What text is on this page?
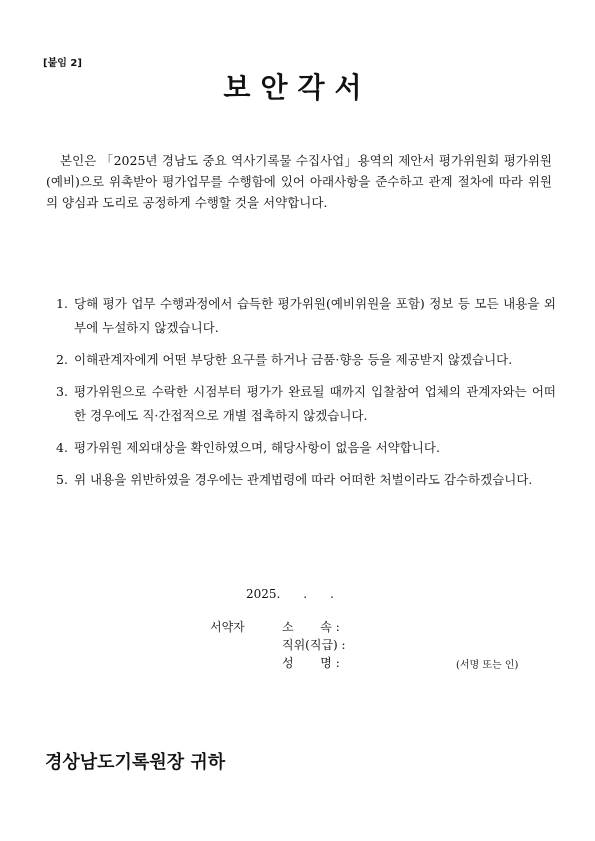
[붙임 2]
보안각서

본인은 「2025년 경남도 중요 역사기록물 수집사업」용역의 제안서 평가위원회 평가위원(예비)으로 위촉받아 평가업무를 수행함에 있어 아래사항을 준수하고 관계 절차에 따라 위원의 양심과 도리로 공정하게 수행할 것을 서약합니다.

1. 당해 평가 업무 수행과정에서 습득한 평가위원(예비위원을 포함) 정보 등 모든 내용을 외부에 누설하지 않겠습니다.
2. 이해관계자에게 어떤 부당한 요구를 하거나 금품·향응 등을 제공받지 않겠습니다.
3. 평가위원으로 수락한 시점부터 평가가 완료될 때까지 입찰참여 업체의 관계자와는 어떠한 경우에도 직·간접적으로 개별 접촉하지 않겠습니다.
4. 평가위원 제외대상을 확인하였으며, 해당사항이 없음을 서약합니다.
5. 위 내용을 위반하였을 경우에는 관계법령에 따라 어떠한 처벌이라도 감수하겠습니다.
2025.      .      .
서약자	소       속 :
직위(직급) :
성       명 :	(서명 또는 인)
경상남도기록원장 귀하
